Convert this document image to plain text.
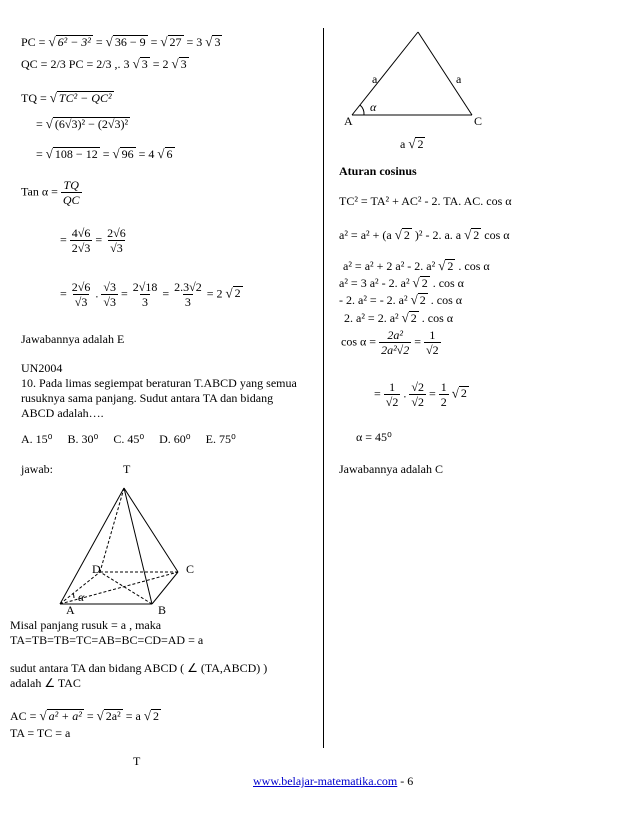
PC = √ 6² − 3² = √ 36 − 9 = √ 27 = 3 √ 3
QC = 2/3 PC = 2/3 ,. 3 √ 3 = 2 √ 3
TQ = √ TC² − QC²
= √ (6√3)² − (2√3)²
= √ 108 − 12 = √ 96 = 4 √ 6
Tan $\alpha = \frac{TQ}{QC}$
= $\frac{4√6}{2√3} = \frac{2√6}{√3}$
= $\frac{2√6}{√3}$ . $\frac{√3}{√3} = \frac{2√18}{3} = \frac{2.3√2}{3} = 2$ √ 2
Jawabannya adalah E
UN2004
10. Pada limas segiempat beraturan T.ABCD yang semua
rusuknya sama panjang. Sudut antara TA dan bidang
ABCD adalah….
A. 15⁰ B. 30⁰ C. 45⁰ D. 60⁰ E. 75⁰
jawab:	T
D	C
α
A	B
Misal panjang rusuk = a , maka
TA=TB=TB=TC=AB=BC=CD=AD = a
sudut antara TA dan bidang ABCD ( ∠ (TA,ABCD) )
adalah ∠ TAC
AC = √ a² + a² = √ 2a² = a √ 2
TA = TC = a
T
a	a
α
A	C
a √ 2
Aturan cosinus
TC² = TA² + AC² - 2. TA. AC. cos α
a² = a² + (a √ 2 )² - 2. a. a √ 2 cos α
a² = a² + 2 a² - 2. a² √ 2 . cos α
a² = 3 a² - 2. a² √ 2 . cos α
- 2. a² = - 2. a² √ 2 . cos α
2. a² = 2. a² √ 2 . cos α
$\cos \alpha = \frac{\text{2a²}}{\text{2a²√2}} = \frac{1}{√2}$
= $\frac{1}{√2}$ . $\frac{√2}{√2} = \frac{1}{2}$ √ 2
α = 45⁰
Jawabannya adalah C
www.belajar-matematika.com - 6
